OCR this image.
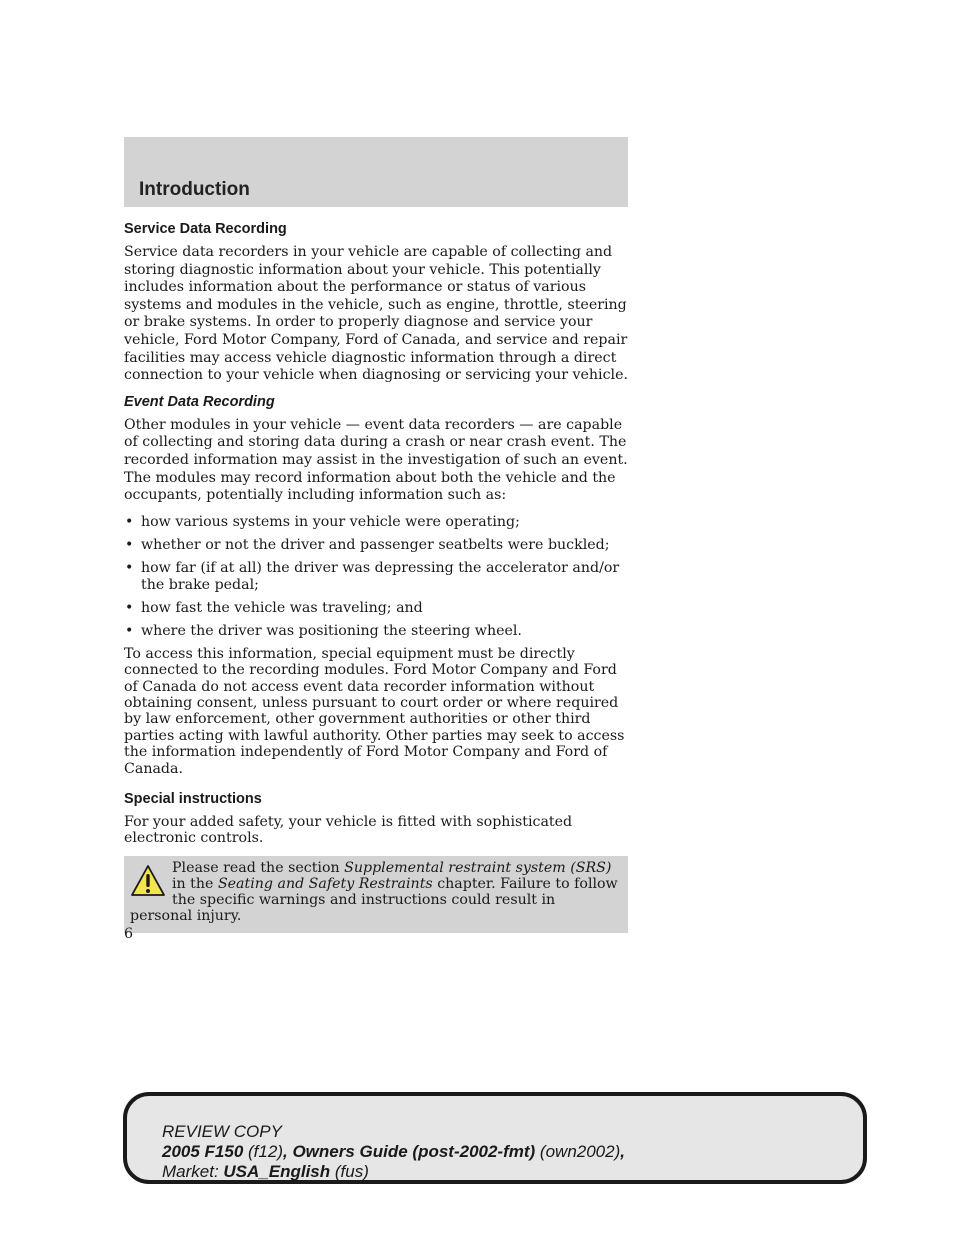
Introduction
Service Data Recording

Service data recorders in your vehicle are capable of collecting and storing diagnostic information about your vehicle. This potentially includes information about the performance or status of various systems and modules in the vehicle, such as engine, throttle, steering or brake systems. In order to properly diagnose and service your vehicle, Ford Motor Company, Ford of Canada, and service and repair facilities may access vehicle diagnostic information through a direct connection to your vehicle when diagnosing or servicing your vehicle.

Event Data Recording

Other modules in your vehicle — event data recorders — are capable of collecting and storing data during a crash or near crash event. The recorded information may assist in the investigation of such an event. The modules may record information about both the vehicle and the occupants, potentially including information such as:

• how various systems in your vehicle were operating;
• whether or not the driver and passenger seatbelts were buckled;
• how far (if at all) the driver was depressing the accelerator and/or the brake pedal;
• how fast the vehicle was traveling; and
• where the driver was positioning the steering wheel.

To access this information, special equipment must be directly connected to the recording modules. Ford Motor Company and Ford of Canada do not access event data recorder information without obtaining consent, unless pursuant to court order or where required by law enforcement, other government authorities or other third parties acting with lawful authority. Other parties may seek to access the information independently of Ford Motor Company and Ford of Canada.

Special instructions

For your added safety, your vehicle is fitted with sophisticated electronic controls.

Please read the section Supplemental restraint system (SRS) in the Seating and Safety Restraints chapter. Failure to follow the specific warnings and instructions could result in personal injury.
6
REVIEW COPY
2005 F150 (f12), Owners Guide (post-2002-fmt) (own2002),
Market: USA_English (fus)
